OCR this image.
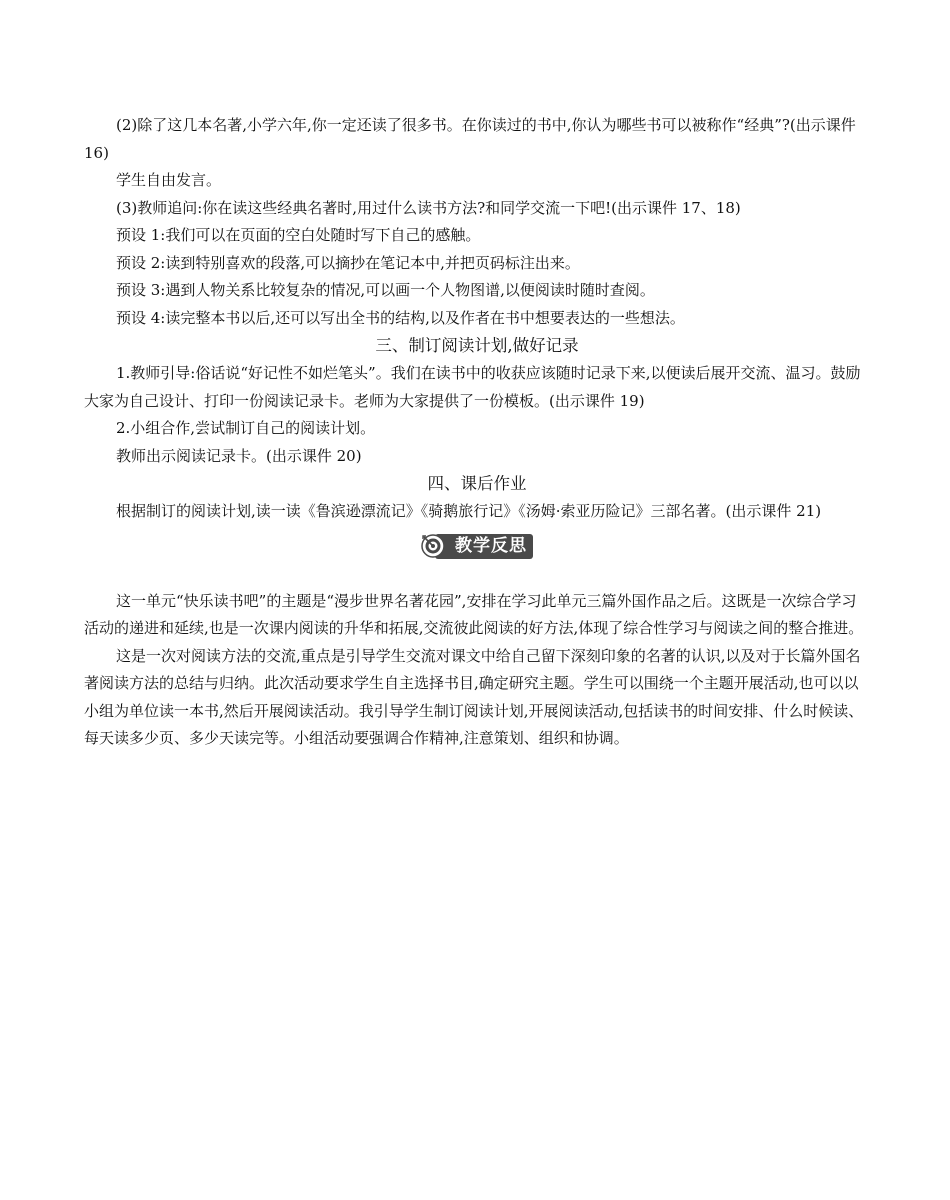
(2)除了这几本名著,小学六年,你一定还读了很多书。在你读过的书中,你认为哪些书可以被称作“经典”?(出示课件 16)

学生自由发言。

(3)教师追问:你在读这些经典名著时,用过什么读书方法?和同学交流一下吧!(出示课件 17、18)

预设 1:我们可以在页面的空白处随时写下自己的感触。

预设 2:读到特别喜欢的段落,可以摘抄在笔记本中,并把页码标注出来。

预设 3:遇到人物关系比较复杂的情况,可以画一个人物图谱,以便阅读时随时查阅。

预设 4:读完整本书以后,还可以写出全书的结构,以及作者在书中想要表达的一些想法。

三、制订阅读计划,做好记录

1.教师引导:俗话说“好记性不如烂笔头”。我们在读书中的收获应该随时记录下来,以便读后展开交流、温习。鼓励大家为自己设计、打印一份阅读记录卡。老师为大家提供了一份模板。(出示课件 19)

2.小组合作,尝试制订自己的阅读计划。

教师出示阅读记录卡。(出示课件 20)

四、课后作业

根据制订的阅读计划,读一读《鲁滨逊漂流记》《骑鹅旅行记》《汤姆·索亚历险记》三部名著。(出示课件 21)

教学反思

这一单元“快乐读书吧”的主题是“漫步世界名著花园”,安排在学习此单元三篇外国作品之后。这既是一次综合学习活动的递进和延续,也是一次课内阅读的升华和拓展,交流彼此阅读的好方法,体现了综合性学习与阅读之间的整合推进。

这是一次对阅读方法的交流,重点是引导学生交流对课文中给自己留下深刻印象的名著的认识,以及对于长篇外国名著阅读方法的总结与归纳。此次活动要求学生自主选择书目,确定研究主题。学生可以围绕一个主题开展活动,也可以以小组为单位读一本书,然后开展阅读活动。我引导学生制订阅读计划,开展阅读活动,包括读书的时间安排、什么时候读、每天读多少页、多少天读完等。小组活动要强调合作精神,注意策划、组织和协调。
